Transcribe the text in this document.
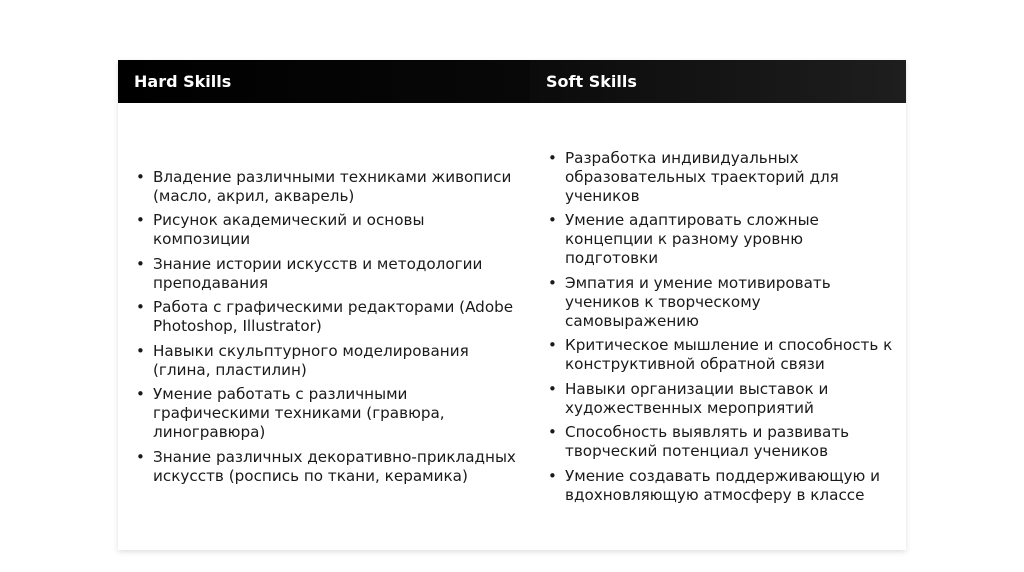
Hard Skills
• Владение различными техниками живописи (масло, акрил, акварель)
• Рисунок академический и основы композиции
• Знание истории искусств и методологии преподавания
• Работа с графическими редакторами (Adobe Photoshop, Illustrator)
• Навыки скульптурного моделирования (глина, пластилин)
• Умение работать с различными графическими техниками (гравюра, линогравюра)
• Знание различных декоративно-прикладных искусств (роспись по ткани, керамика)
Soft Skills
• Разработка индивидуальных образовательных траекторий для учеников
• Умение адаптировать сложные концепции к разному уровню подготовки
• Эмпатия и умение мотивировать учеников к творческому самовыражению
• Критическое мышление и способность к конструктивной обратной связи
• Навыки организации выставок и художественных мероприятий
• Способность выявлять и развивать творческий потенциал учеников
• Умение создавать поддерживающую и вдохновляющую атмосферу в классе
